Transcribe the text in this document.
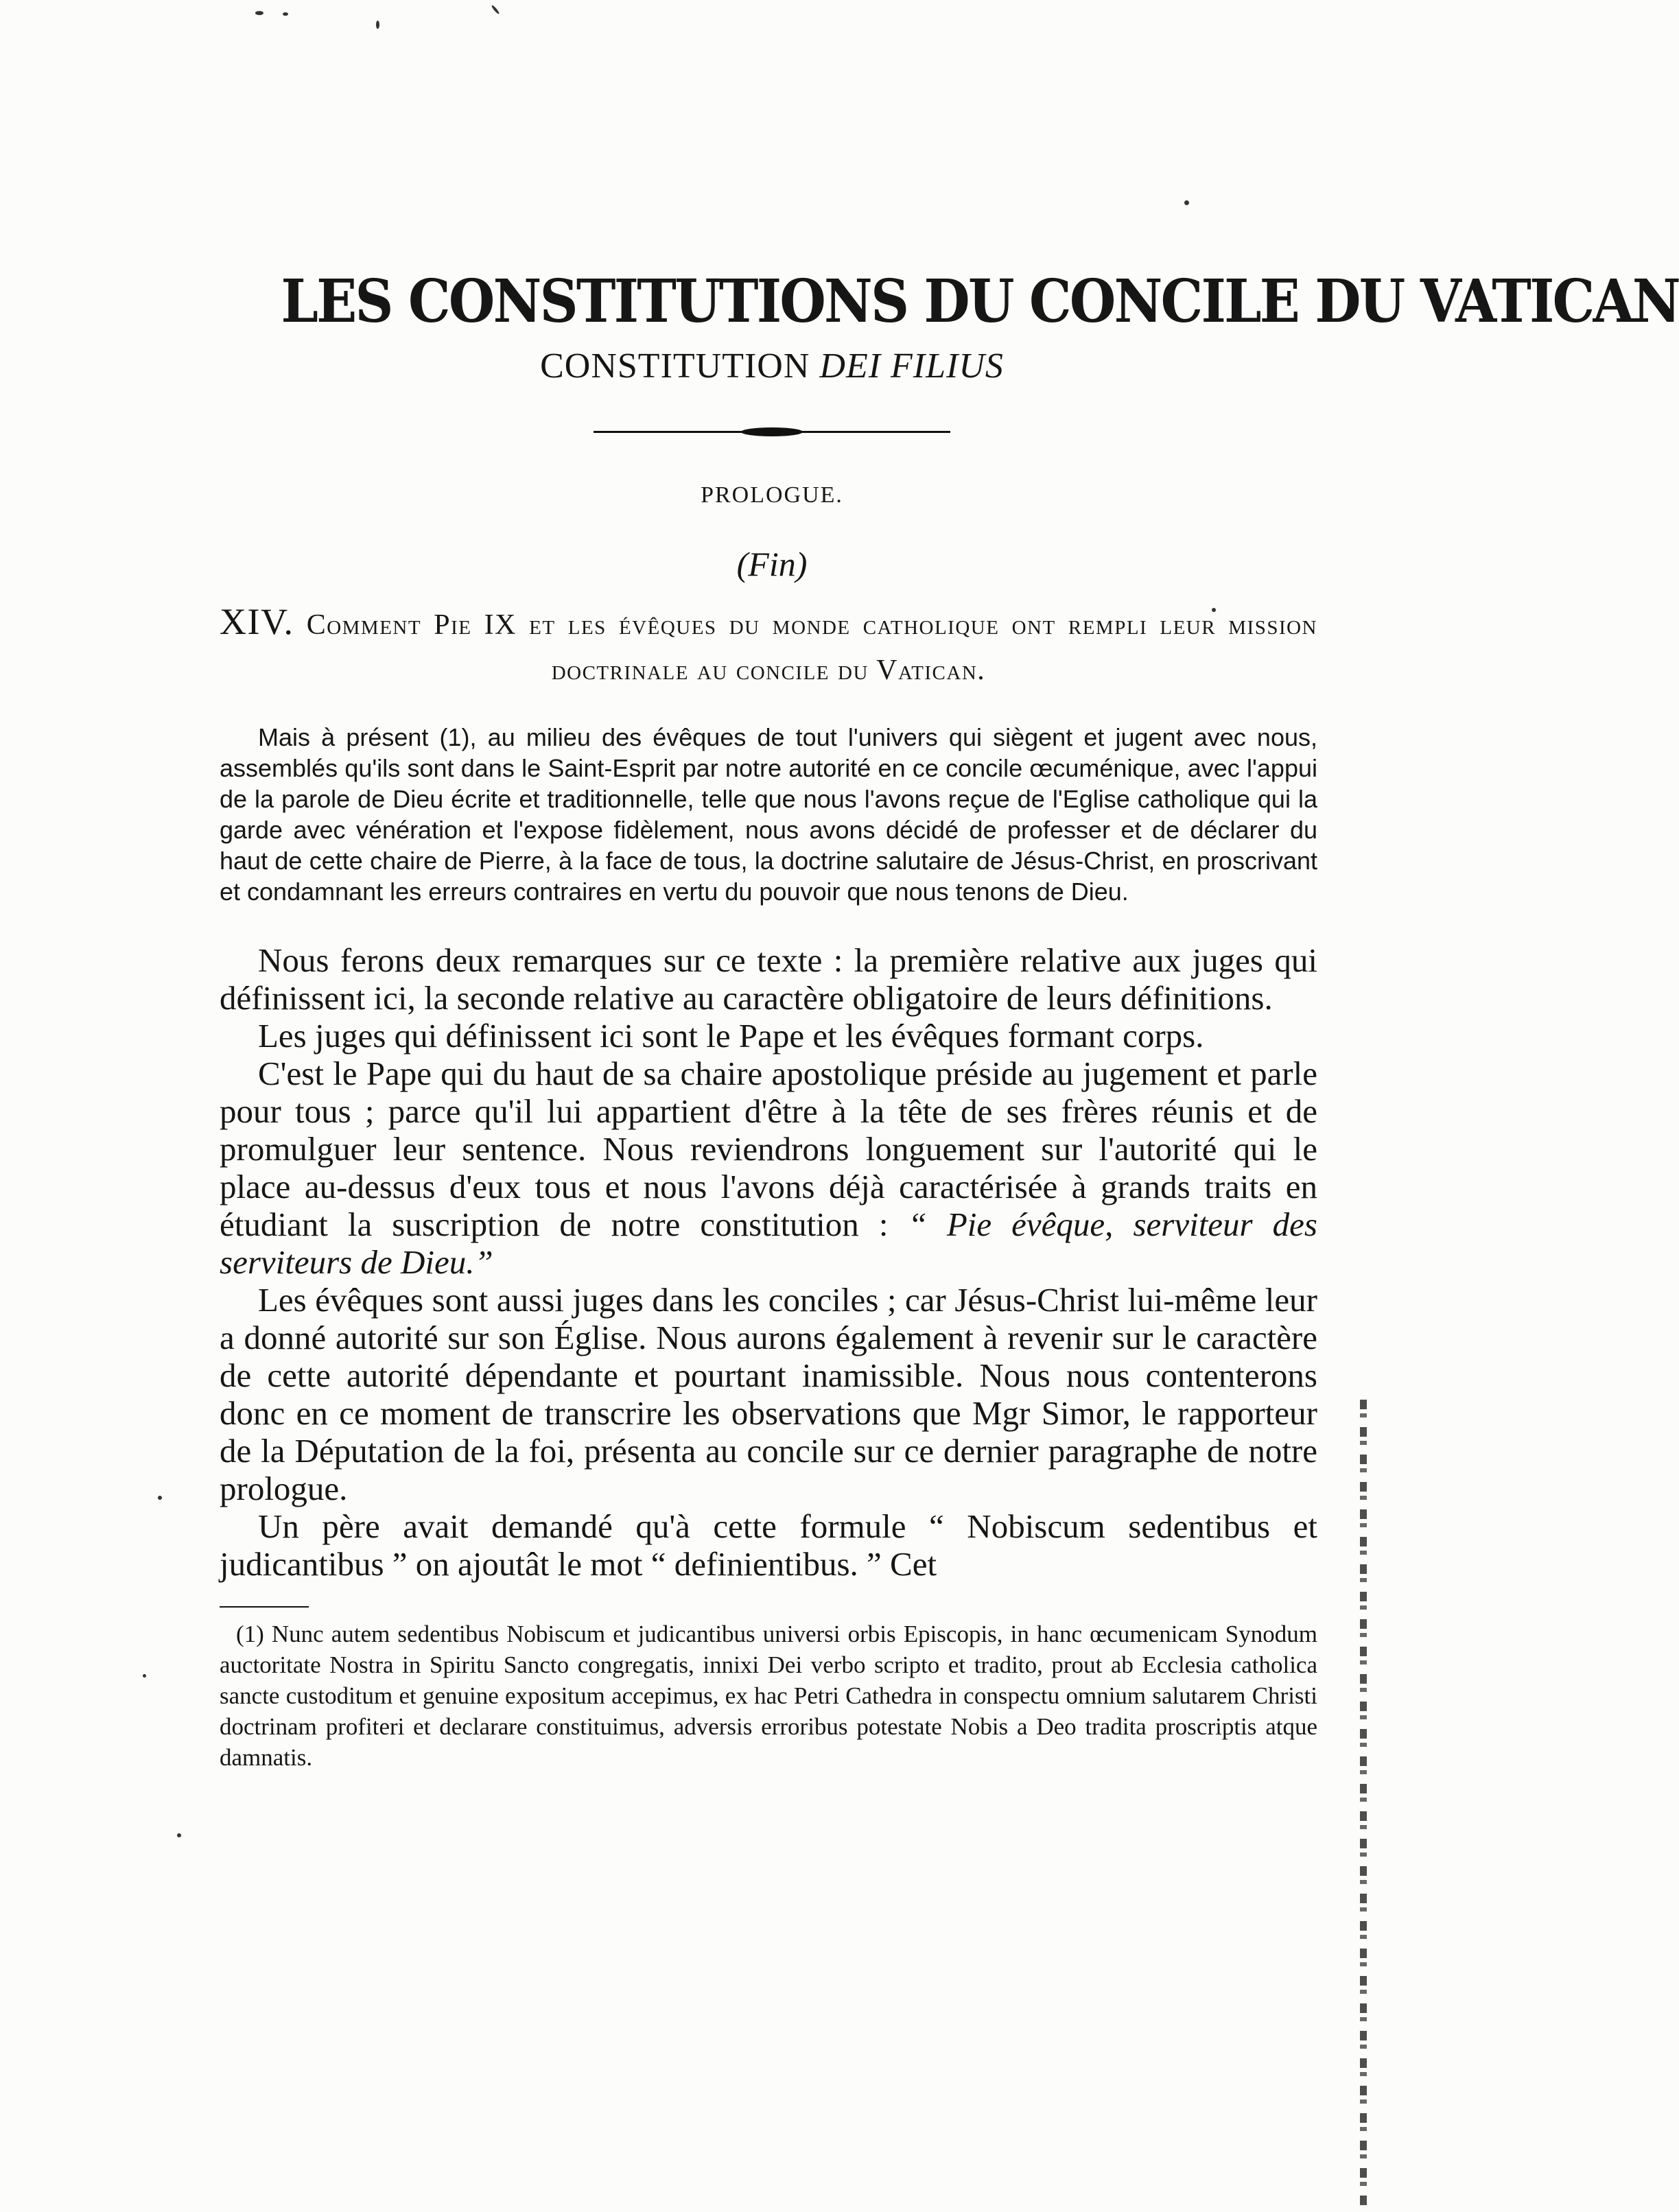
LES CONSTITUTIONS DU CONCILE DU VATICAN
CONSTITUTION DEI FILIUS
PROLOGUE.
(Fin)
XIV. Comment Pie IX et les évêques du monde catholique ont rempli leur mission doctrinale au concile du Vatican.
Mais à présent (1), au milieu des évêques de tout l'univers qui siègent et jugent avec nous, assemblés qu'ils sont dans le Saint-Esprit par notre autorité en ce concile œcuménique, avec l'appui de la parole de Dieu écrite et traditionnelle, telle que nous l'avons reçue de l'Eglise catholique qui la garde avec vénération et l'expose fidèlement, nous avons décidé de professer et de déclarer du haut de cette chaire de Pierre, à la face de tous, la doctrine salutaire de Jésus-Christ, en proscrivant et condamnant les erreurs contraires en vertu du pouvoir que nous tenons de Dieu.

Nous ferons deux remarques sur ce texte : la première relative aux juges qui définissent ici, la seconde relative au caractère obligatoire de leurs définitions.

Les juges qui définissent ici sont le Pape et les évêques formant corps.

C'est le Pape qui du haut de sa chaire apostolique préside au jugement et parle pour tous ; parce qu'il lui appartient d'être à la tête de ses frères réunis et de promulguer leur sentence. Nous reviendrons longuement sur l'autorité qui le place au-dessus d'eux tous et nous l'avons déjà caractérisée à grands traits en étudiant la suscription de notre constitution : “ Pie évêque, serviteur des serviteurs de Dieu.”

Les évêques sont aussi juges dans les conciles ; car Jésus-Christ lui-même leur a donné autorité sur son Église. Nous aurons également à revenir sur le caractère de cette autorité dépendante et pourtant inamissible. Nous nous contenterons donc en ce moment de transcrire les observations que Mgr Simor, le rapporteur de la Députation de la foi, présenta au concile sur ce dernier paragraphe de notre prologue.

Un père avait demandé qu'à cette formule “ Nobiscum sedentibus et judicantibus ” on ajoutât le mot “ definientibus. ” Cet

(1) Nunc autem sedentibus Nobiscum et judicantibus universi orbis Episcopis, in hanc œcumenicam Synodum auctoritate Nostra in Spiritu Sancto congregatis, innixi Dei verbo scripto et tradito, prout ab Ecclesia catholica sancte custoditum et genuine expositum accepimus, ex hac Petri Cathedra in conspectu omnium salutarem Christi doctrinam profiteri et declarare constituimus, adversis erroribus potestate Nobis a Deo tradita proscriptis atque damnatis.
